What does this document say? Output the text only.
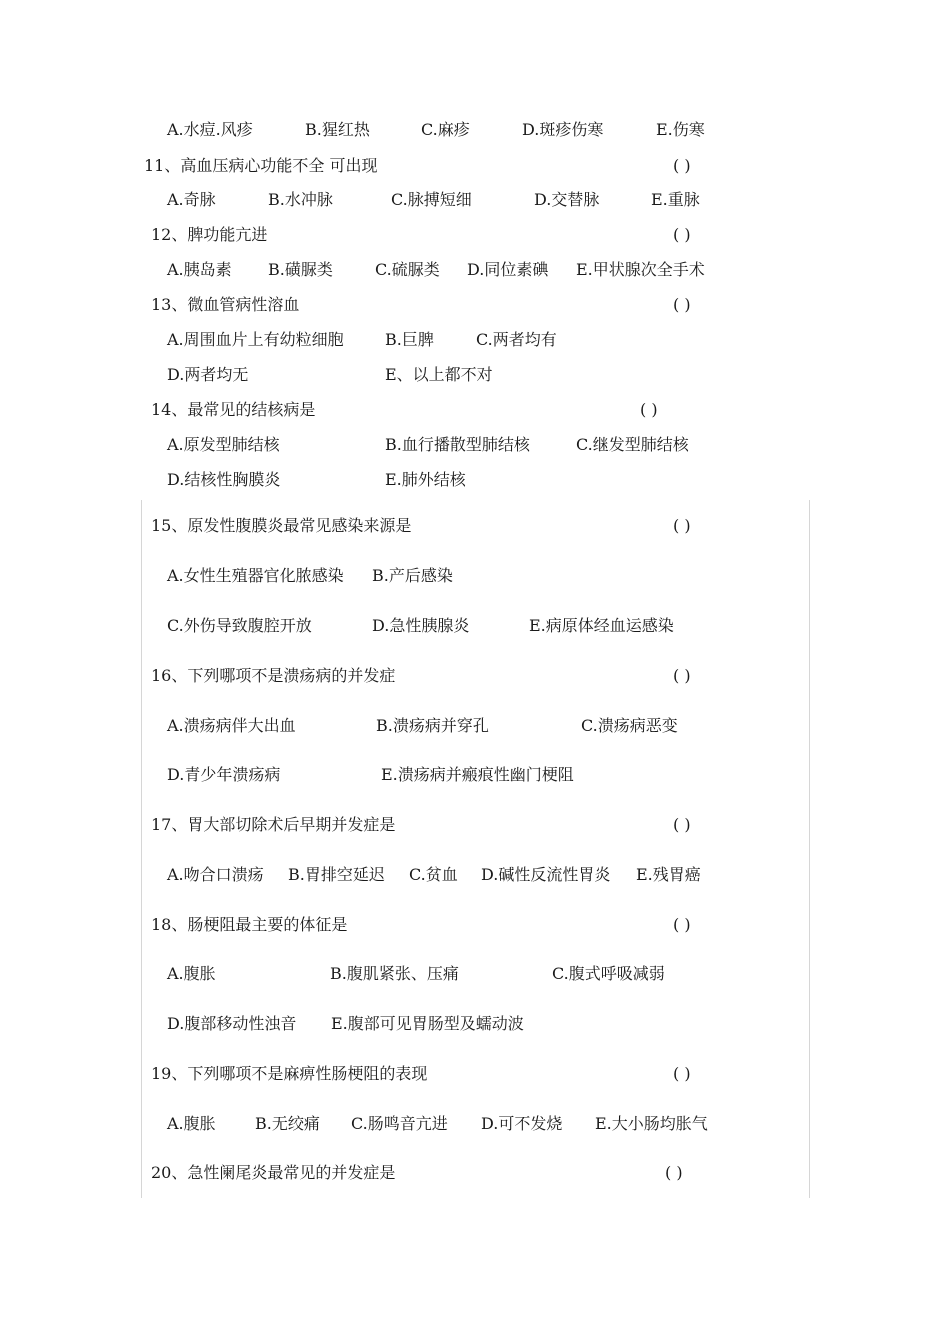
A.水痘.风疹	B.猩红热	C.麻疹	D.斑疹伤寒	E.伤寒
11、高血压病心功能不全 可出现	( )
A.奇脉	B.水冲脉	C.脉搏短细	D.交替脉	E.重脉
12、脾功能亢进	( )
A.胰岛素 B.磺脲类	C.硫脲类 D.同位素碘 E.甲状腺次全手术
13、微血管病性溶血	( )
A.周围血片上有幼粒细胞	B.巨脾	C.两者均有
D.两者均无	E、以上都不对
14、最常见的结核病是	( )
A.原发型肺结核	B.血行播散型肺结核	C.继发型肺结核
D.结核性胸膜炎	E.肺外结核
15、原发性腹膜炎最常见感染来源是	( )
A.女性生殖器官化脓感染 B.产后感染
C.外伤导致腹腔开放	D.急性胰腺炎	E.病原体经血运感染
16、下列哪项不是溃疡病的并发症	( )
A.溃疡病伴大出血	B.溃疡病并穿孔	C.溃疡病恶变
D.青少年溃疡病	E.溃疡病并瘢痕性幽门梗阻
17、胃大部切除术后早期并发症是	( )
A.吻合口溃疡 B.胃排空延迟 C.贫血 D.碱性反流性胃炎 E.残胃癌
18、肠梗阻最主要的体征是	( )
A.腹胀	B.腹肌紧张、压痛	C.腹式呼吸减弱
D.腹部移动性浊音 E.腹部可见胃肠型及蠕动波
19、下列哪项不是麻痹性肠梗阻的表现	( )
A.腹胀 B.无绞痛 C.肠鸣音亢进 D.可不发烧 E.大小肠均胀气
20、急性阑尾炎最常见的并发症是	( )
